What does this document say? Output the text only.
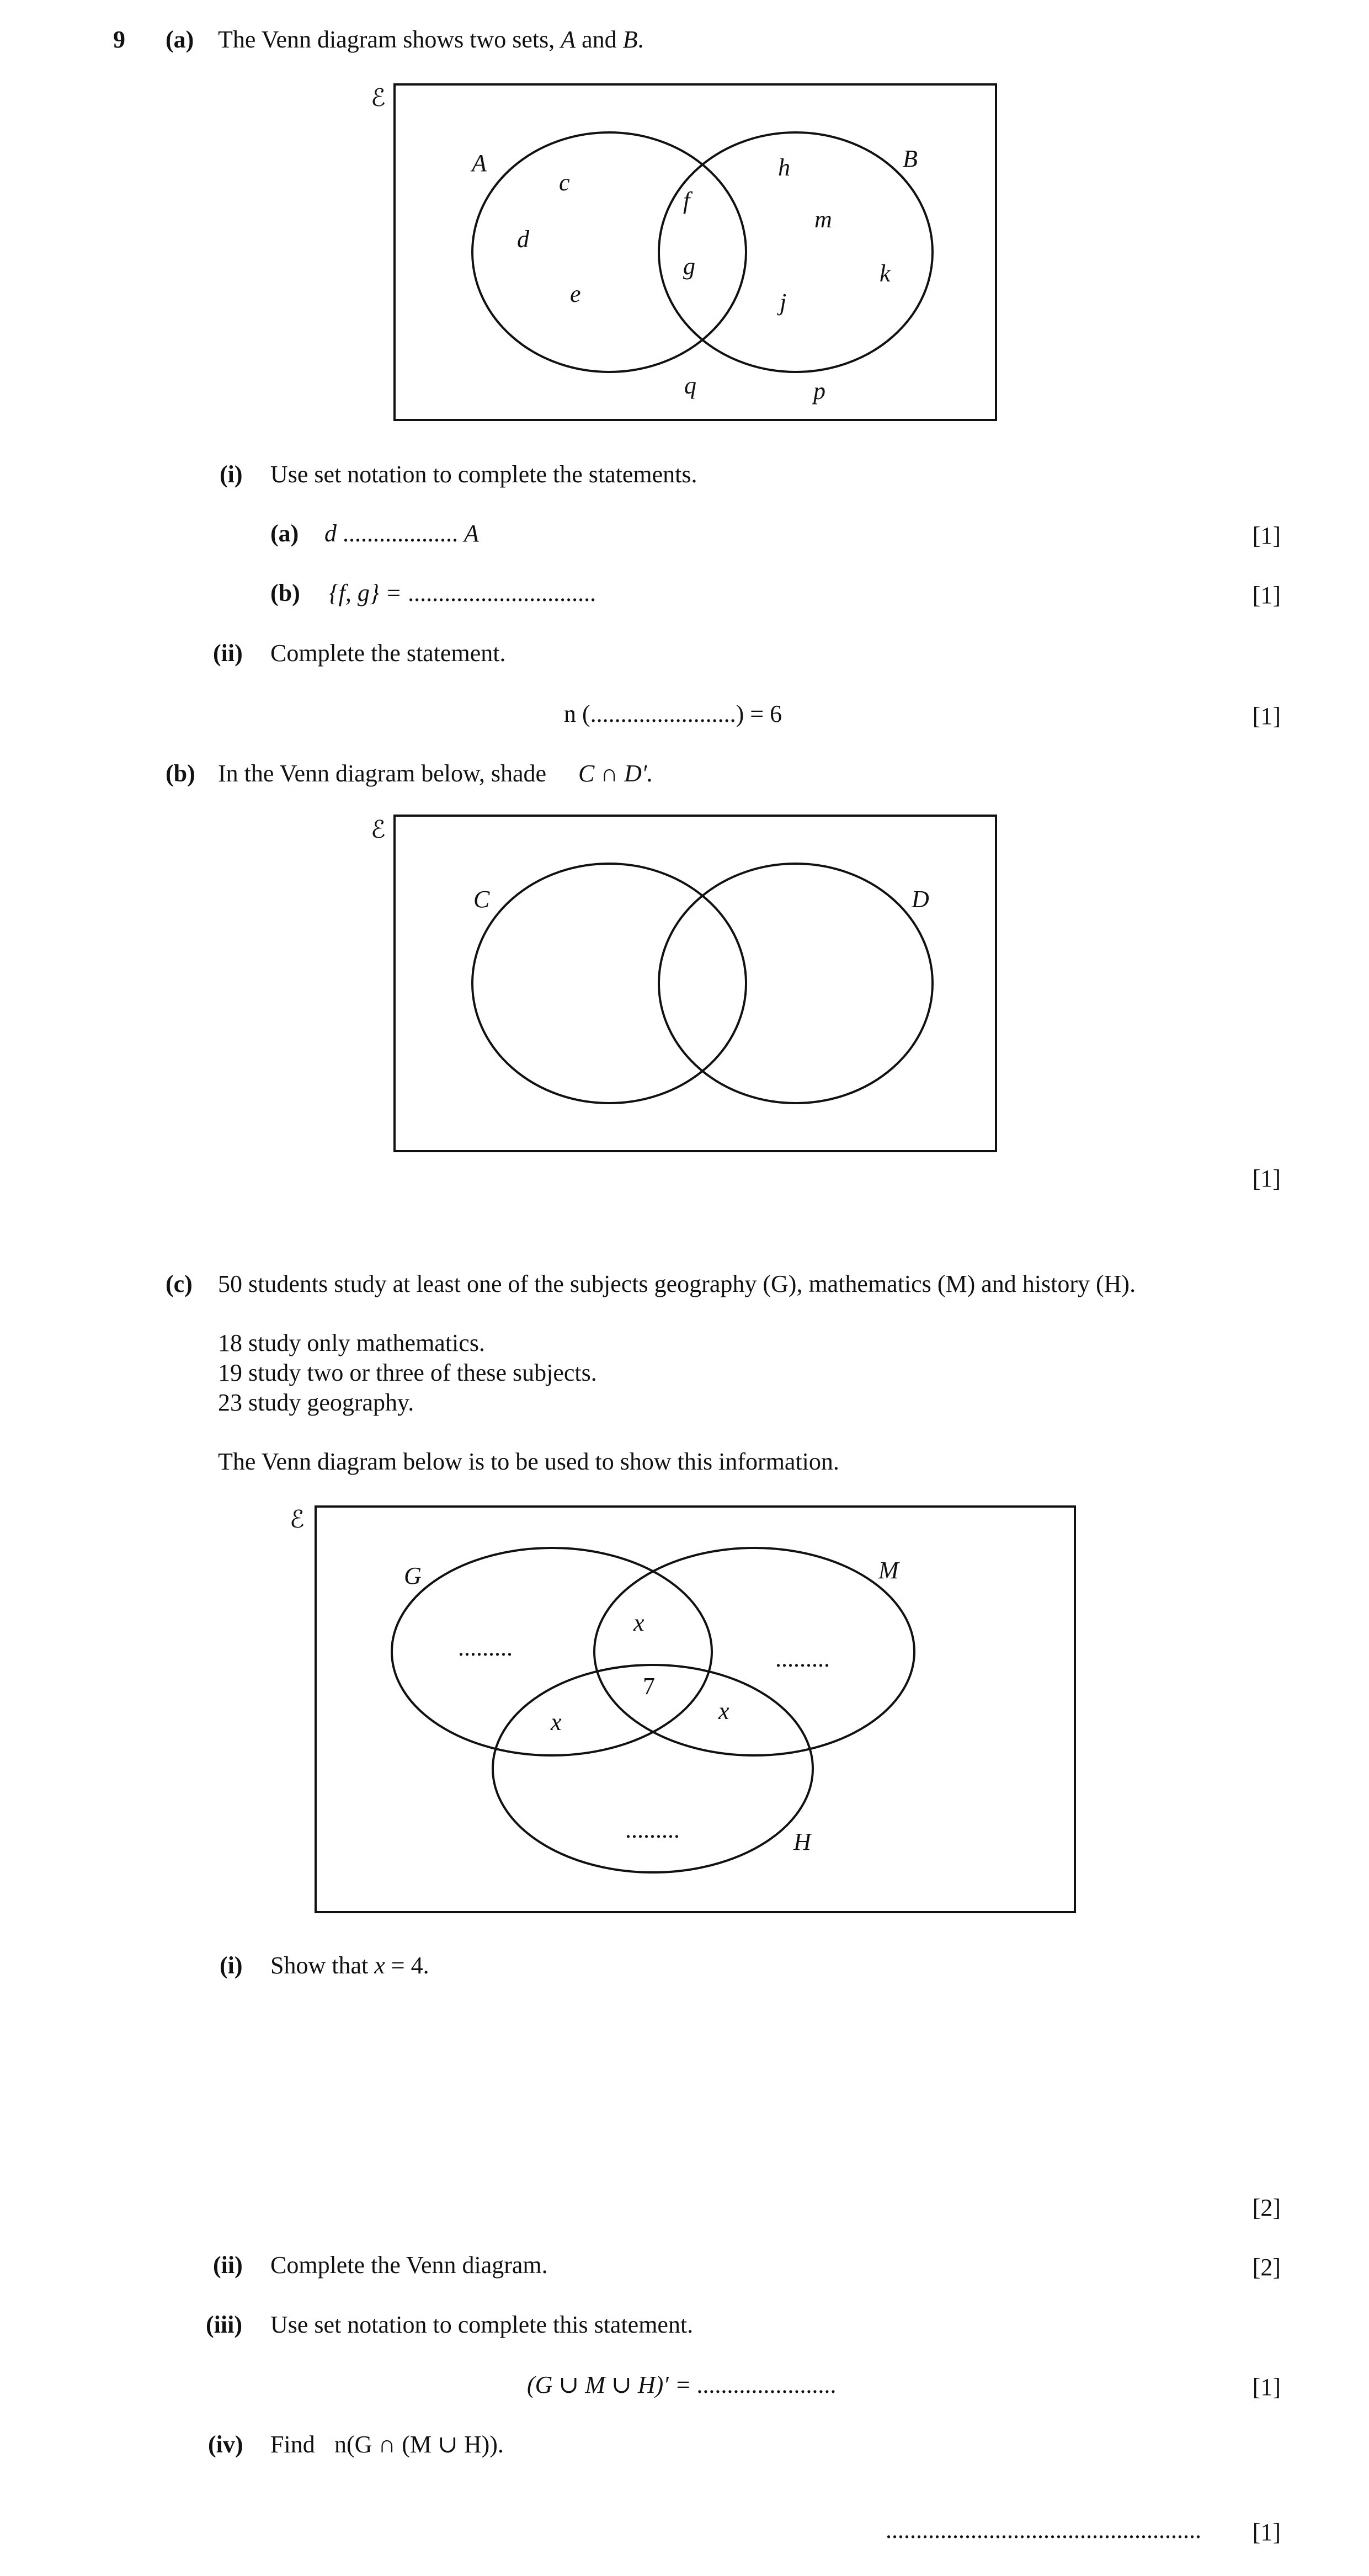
9 (a) The Venn diagram shows two sets, A and B.
ℰ
A	B
c
d
e
f
g
h
m
j
k
q	p
(i) Use set notation to complete the statements.
(a) d ................... A	[1]
(b) {f, g} = ...............................	[1]
(ii) Complete the statement.
n (........................) = 6	[1]
(b) In the Venn diagram below, shade C ∩ D′.
ℰ
C	D
[1]
(c) 50 students study at least one of the subjects geography (G), mathematics (M) and history (H).
18 study only mathematics.
19 study two or three of these subjects.
23 study geography.
The Venn diagram below is to be used to show this information.
ℰ
G	M
H
.........	.........
.........
x
x	x
7
(i) Show that x = 4.
[2]
(ii) Complete the Venn diagram.	[2]
(iii) Use set notation to complete this statement.
(G ∪ M ∪ H)′ = .......................	[1]
(iv) Find n(G ∩ (M ∪ H)).
.................................................... [1]
